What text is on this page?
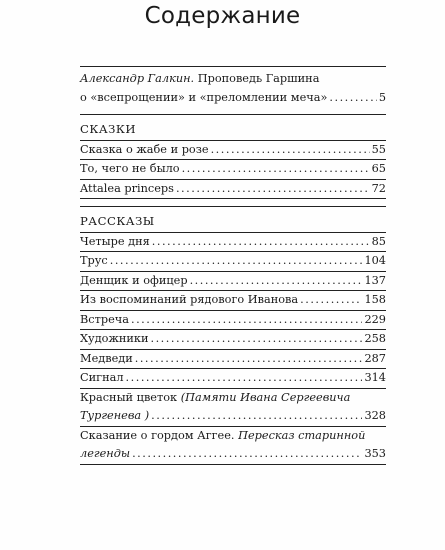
Содержание
Александр Галкин. Проповедь Гаршина
о «всепрощении» и «преломлении меча» .....	5
СКАЗКИ
Сказка о жабе и розе .....	55
То, чего не было .....	65
Attalea princeps .....	72
РАССКАЗЫ
Четыре дня .....	85
Трус .....	104
Денщик и офицер .....	137
Из воспоминаний рядового Иванова .....	158
Встреча .....	229
Художники .....	258
Медведи .....	287
Сигнал .....	314
Красный цветок (Памяти Ивана Сергеевича
Тургенева ) .....	328
Сказание о гордом Аггее. Пересказ старинной
легенды .....	353
